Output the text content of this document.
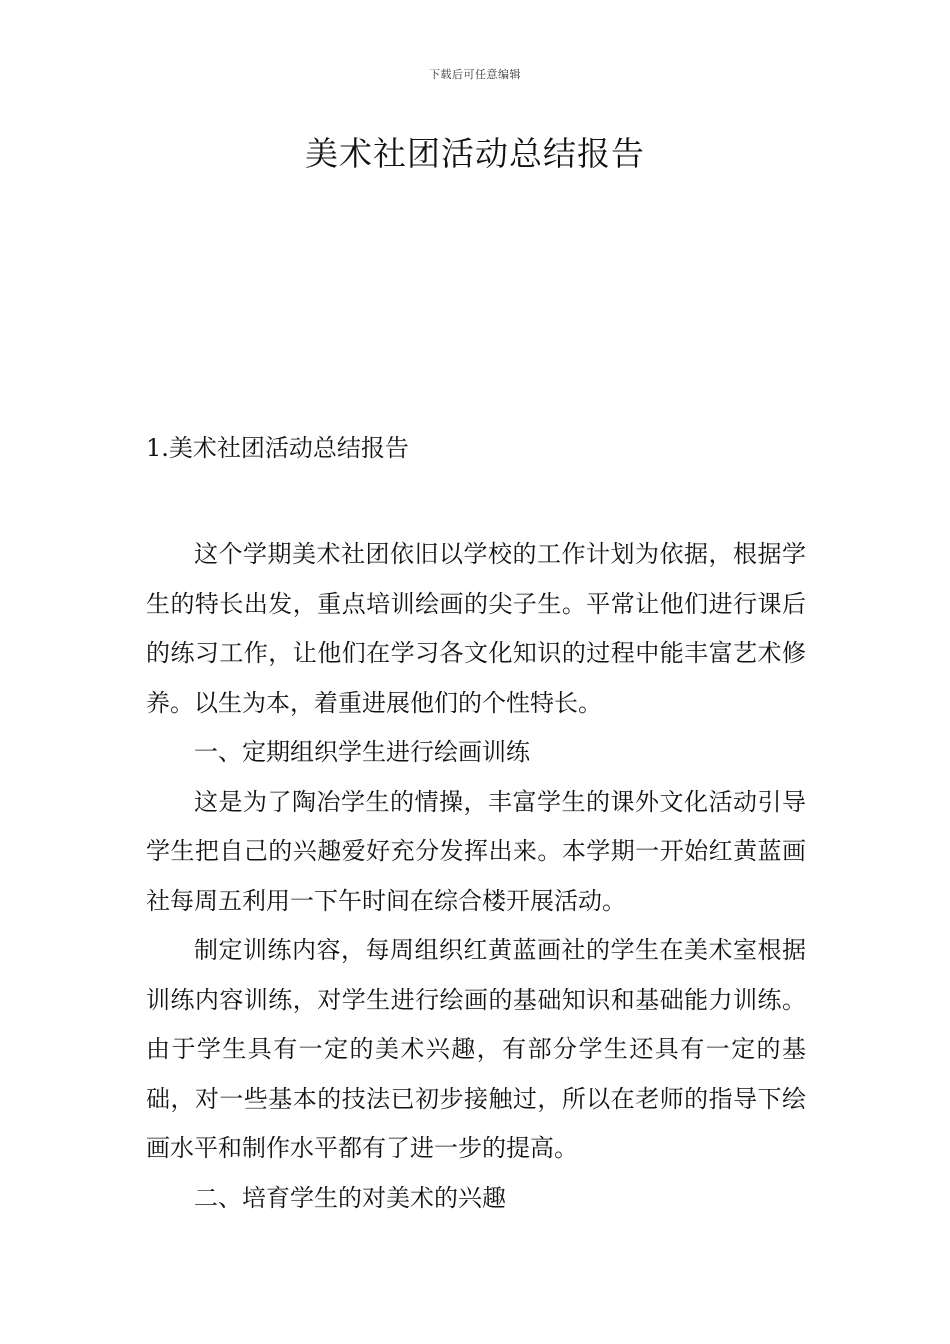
下载后可任意编辑
美术社团活动总结报告
1.美术社团活动总结报告

这个学期美术社团依旧以学校的工作计划为依据，根据学生的特长出发，重点培训绘画的尖子生。平常让他们进行课后的练习工作，让他们在学习各文化知识的过程中能丰富艺术修养。以生为本，着重进展他们的个性特长。

一、定期组织学生进行绘画训练

这是为了陶冶学生的情操，丰富学生的课外文化活动引导学生把自己的兴趣爱好充分发挥出来。本学期一开始红黄蓝画社每周五利用一下午时间在综合楼开展活动。

制定训练内容，每周组织红黄蓝画社的学生在美术室根据训练内容训练，对学生进行绘画的基础知识和基础能力训练。由于学生具有一定的美术兴趣，有部分学生还具有一定的基础，对一些基本的技法已初步接触过，所以在老师的指导下绘画水平和制作水平都有了进一步的提高。

二、培育学生的对美术的兴趣
